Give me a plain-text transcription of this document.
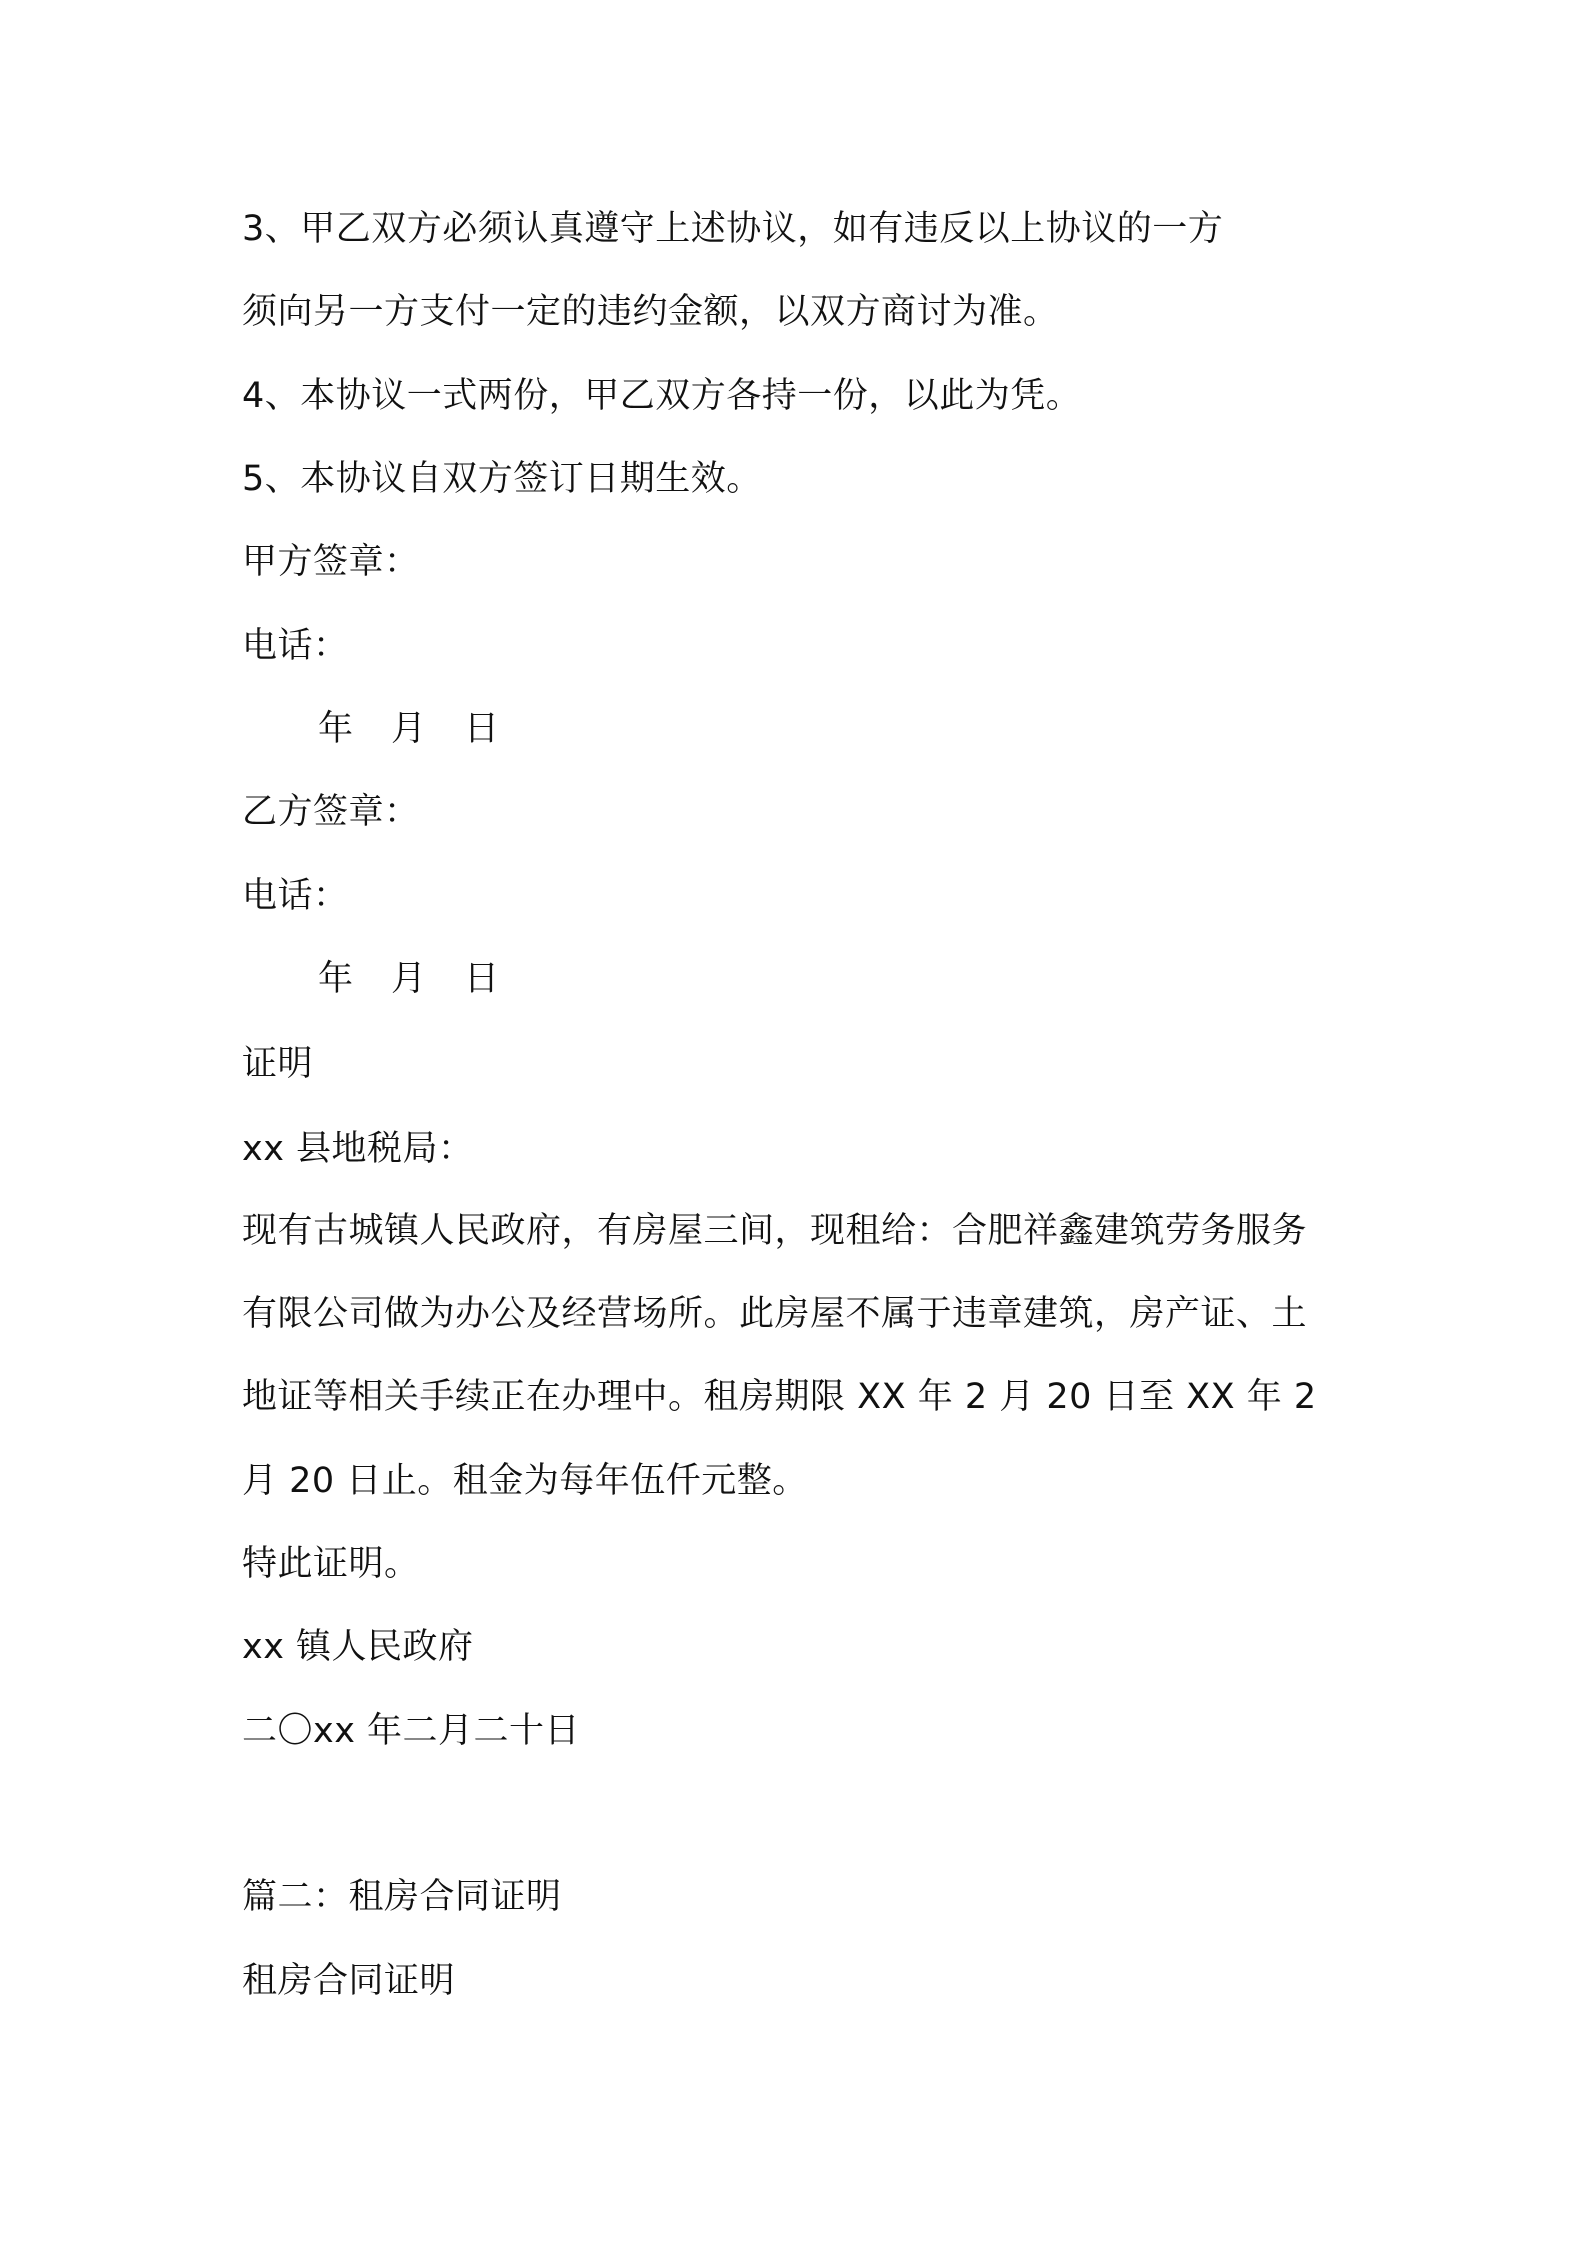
3、甲乙双方必须认真遵守上述协议，如有违反以上协议的一方
须向另一方支付一定的违约金额，以双方商讨为准。
4、本协议一式两份，甲乙双方各持一份，以此为凭。
5、本协议自双方签订日期生效。
甲方签章：
电话：
年 月 日
乙方签章：
电话：
年 月 日
证明
xx 县地税局：
现有古城镇人民政府，有房屋三间，现租给：合肥祥鑫建筑劳务服务
有限公司做为办公及经营场所。此房屋不属于违章建筑，房产证、土
地证等相关手续正在办理中。租房期限 XX 年 2 月 20 日至 XX 年 2
月 20 日止。租金为每年伍仟元整。
特此证明。
xx 镇人民政府
二〇xx 年二月二十日
篇二：租房合同证明
租房合同证明
